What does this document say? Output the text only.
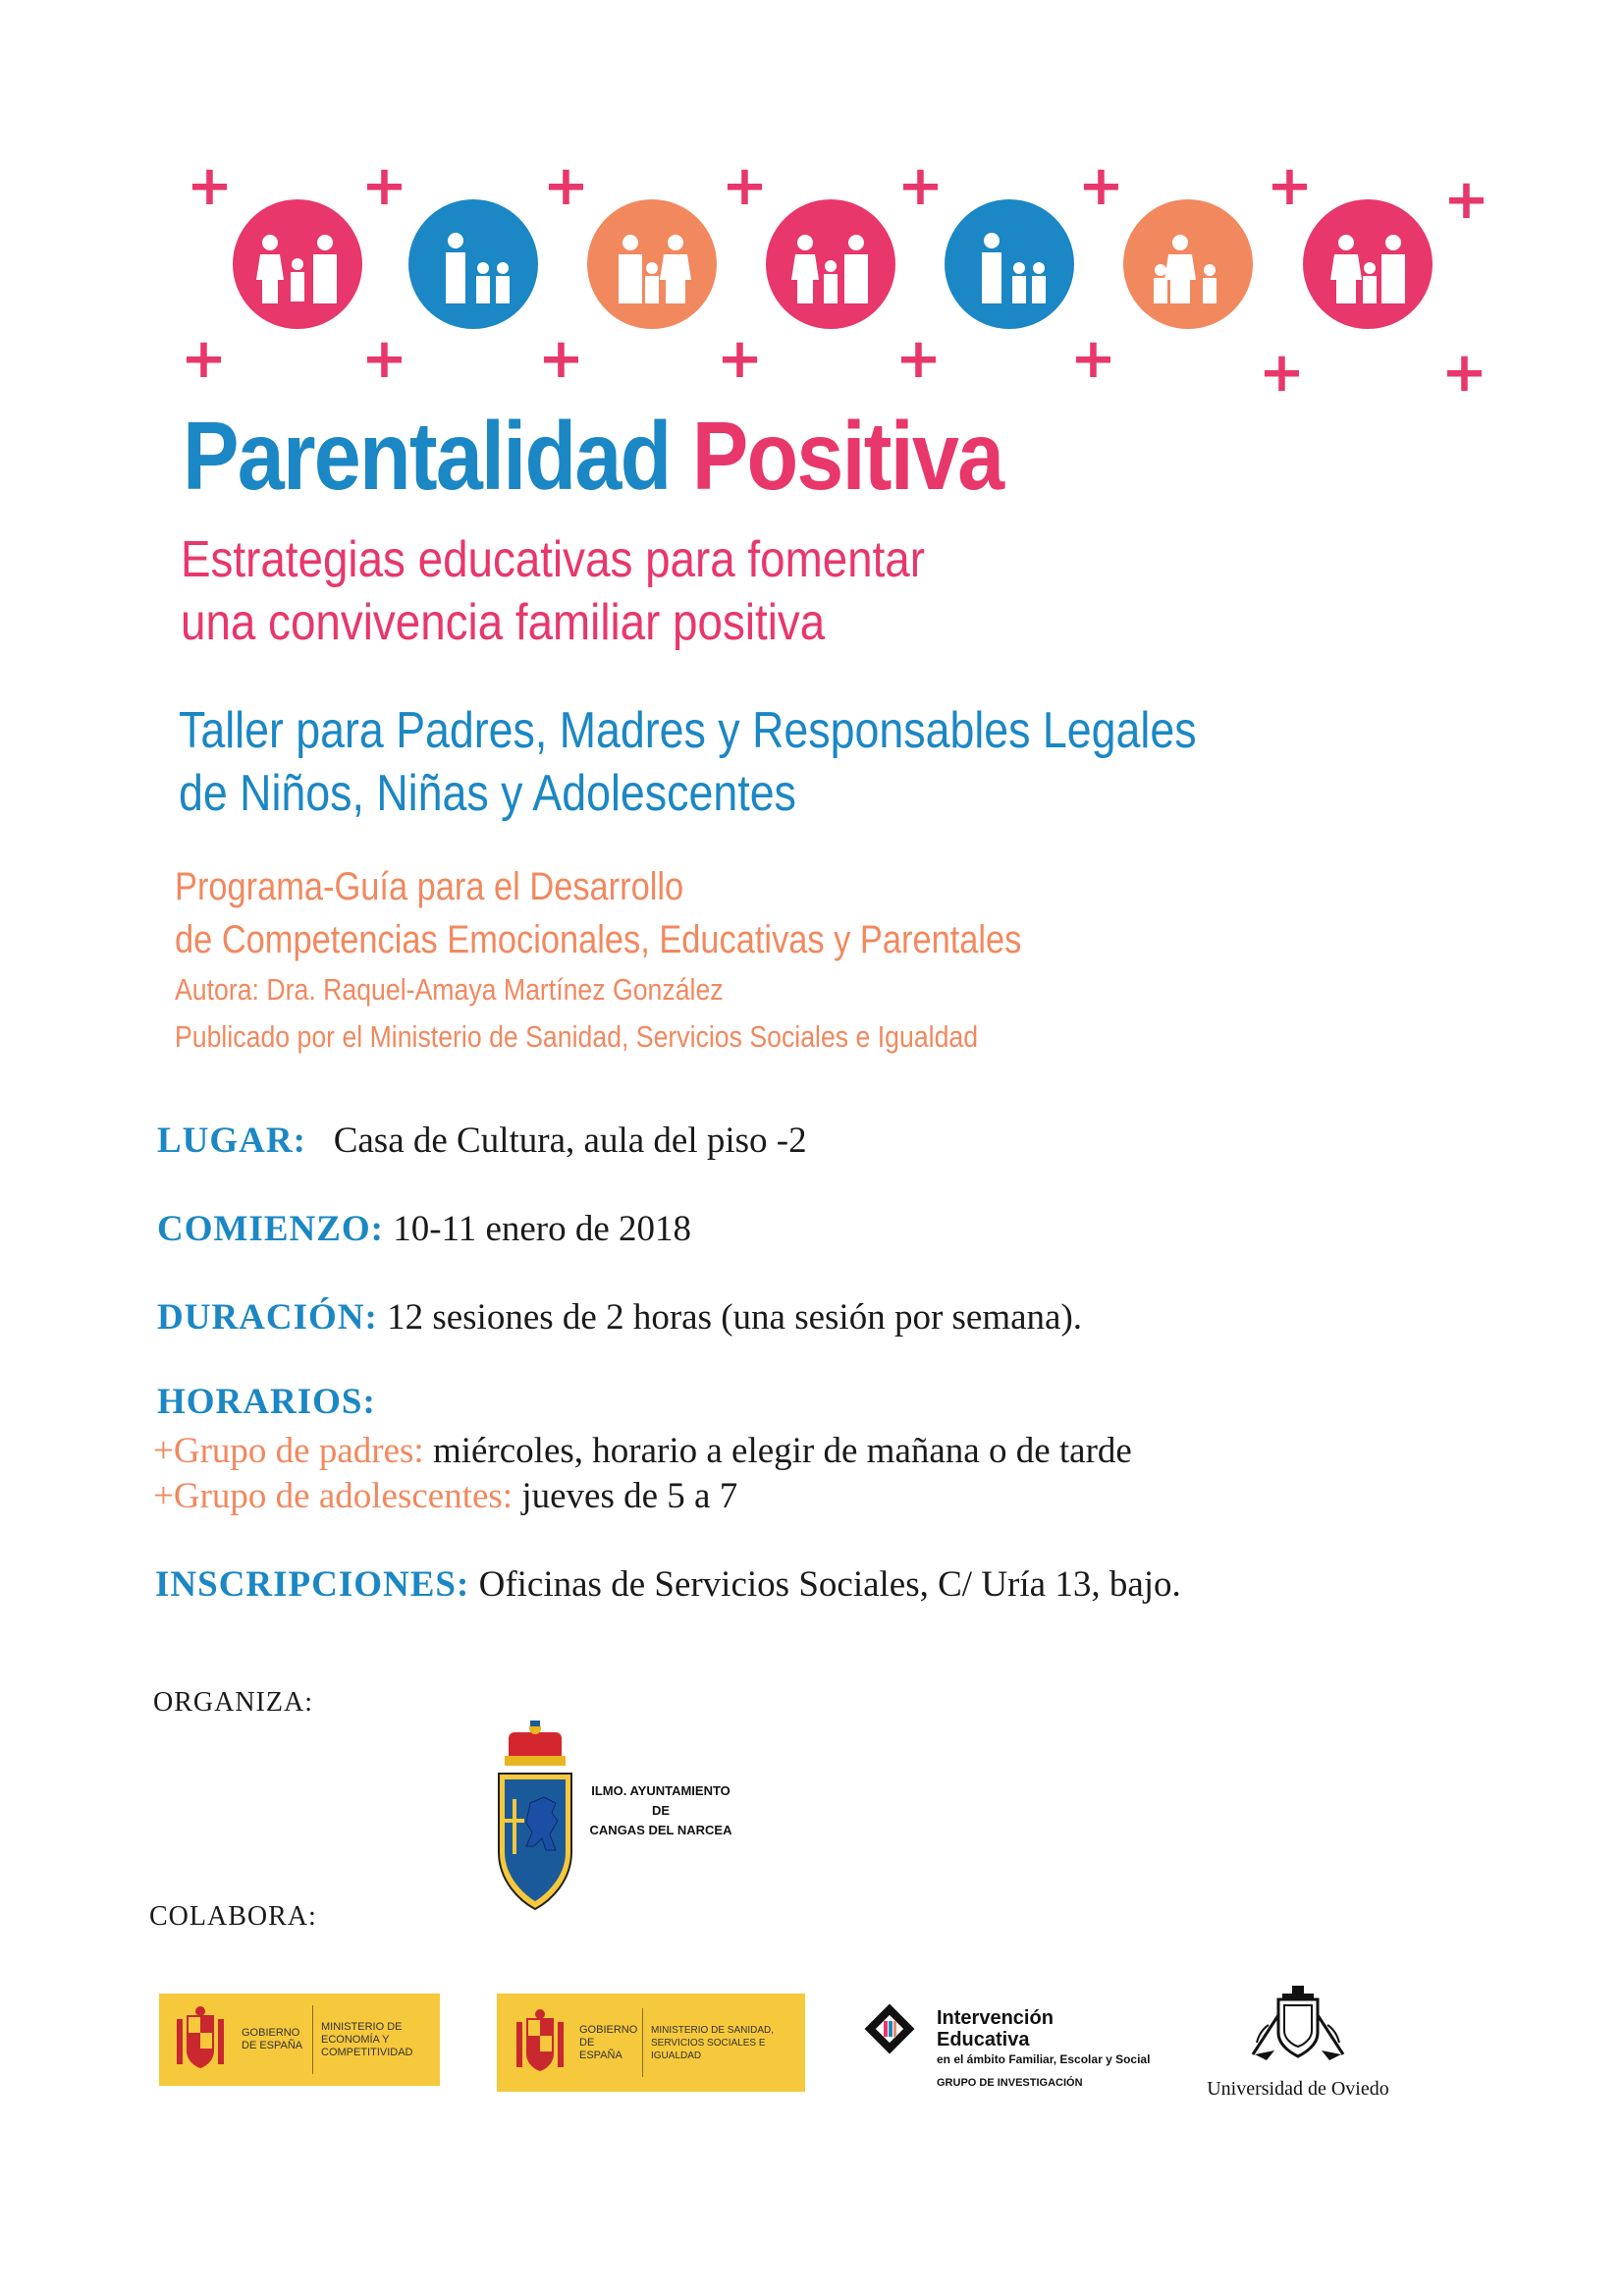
+ + + + + +	+ +
+ + + + + +	+ +
Parentalidad Positiva
Estrategias educativas para fomentar
una convivencia familiar positiva
Taller para Padres, Madres y Responsables Legales
de Niños, Niñas y Adolescentes
Programa-Guía para el Desarrollo
de Competencias Emocionales, Educativas y Parentales
Autora: Dra. Raquel-Amaya Martínez González
Publicado por el Ministerio de Sanidad, Servicios Sociales e Igualdad
LUGAR: Casa de Cultura, aula del piso -2
COMIENZO: 10-11 enero de 2018
DURACIÓN: 12 sesiones de 2 horas (una sesión por semana).
HORARIOS:
+Grupo de padres: miércoles, horario a elegir de mañana o de tarde
+Grupo de adolescentes: jueves de 5 a 7
INSCRIPCIONES: Oficinas de Servicios Sociales, C/ Uría 13, bajo.
ORGANIZA:
ILMO. AYUNTAMIENTO
DE
CANGAS DEL NARCEA
COLABORA:
GOBIERNO DE ESPAÑA
MINISTERIO DE ECONOMÍA Y COMPETITIVIDAD
GOBIERNO DE ESPAÑA
MINISTERIO DE SANIDAD, SERVICIOS SOCIALES E IGUALDAD
Intervención
Educativa
en el ámbito Familiar, Escolar y Social
GRUPO DE INVESTIGACIÓN	Universidad de Oviedo
